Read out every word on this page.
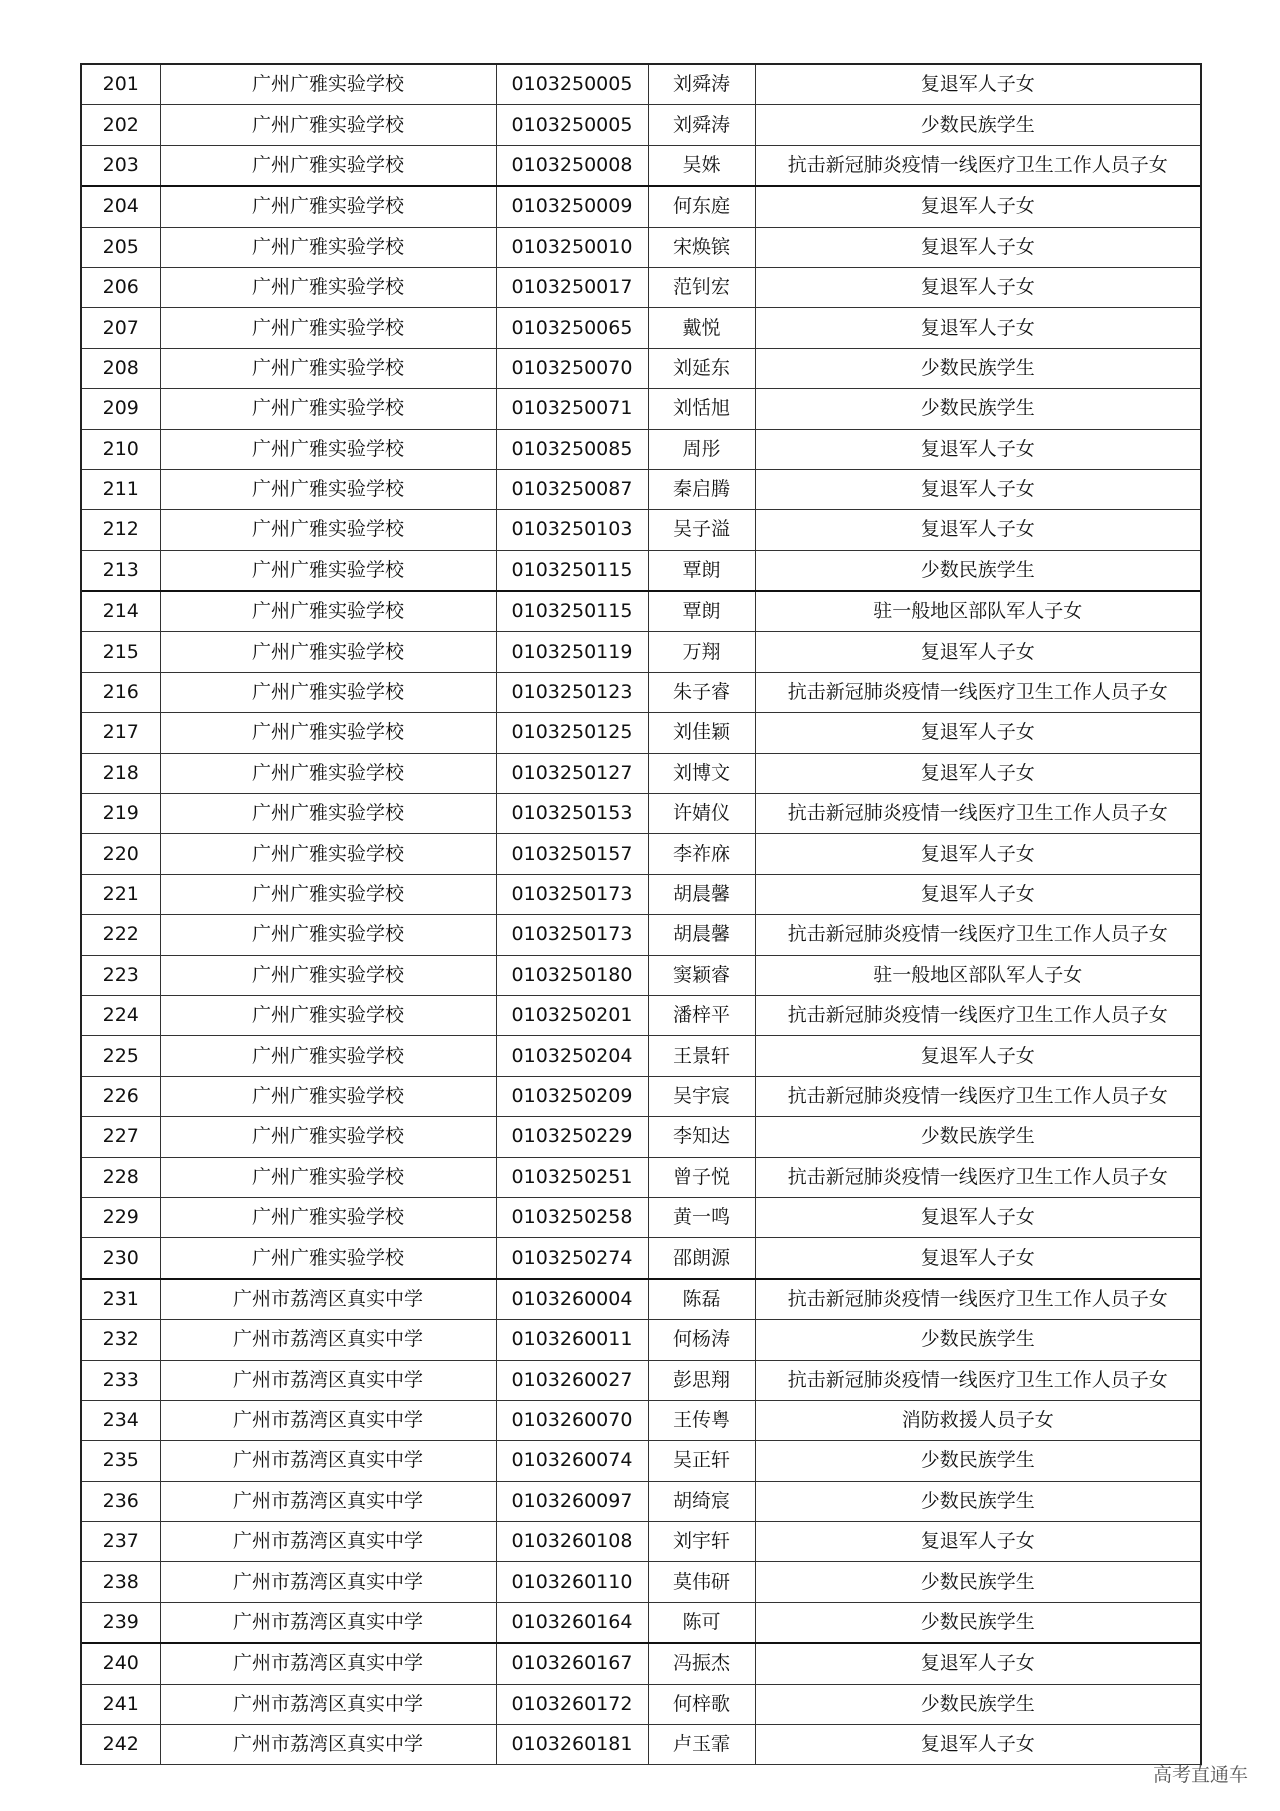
201	广州广雅实验学校	0103250005	刘舜涛	复退军人子女
202	广州广雅实验学校	0103250005	刘舜涛	少数民族学生
203	广州广雅实验学校	0103250008	吴姝	抗击新冠肺炎疫情一线医疗卫生工作人员子女
204	广州广雅实验学校	0103250009	何东庭	复退军人子女
205	广州广雅实验学校	0103250010	宋焕镔	复退军人子女
206	广州广雅实验学校	0103250017	范钊宏	复退军人子女
207	广州广雅实验学校	0103250065	戴悦	复退军人子女
208	广州广雅实验学校	0103250070	刘延东	少数民族学生
209	广州广雅实验学校	0103250071	刘恬旭	少数民族学生
210	广州广雅实验学校	0103250085	周彤	复退军人子女
211	广州广雅实验学校	0103250087	秦启腾	复退军人子女
212	广州广雅实验学校	0103250103	吴子溢	复退军人子女
213	广州广雅实验学校	0103250115	覃朗	少数民族学生
214	广州广雅实验学校	0103250115	覃朗	驻一般地区部队军人子女
215	广州广雅实验学校	0103250119	万翔	复退军人子女
216	广州广雅实验学校	0103250123	朱子睿	抗击新冠肺炎疫情一线医疗卫生工作人员子女
217	广州广雅实验学校	0103250125	刘佳颖	复退军人子女
218	广州广雅实验学校	0103250127	刘博文	复退军人子女
219	广州广雅实验学校	0103250153	许婧仪	抗击新冠肺炎疫情一线医疗卫生工作人员子女
220	广州广雅实验学校	0103250157	李祚庥	复退军人子女
221	广州广雅实验学校	0103250173	胡晨馨	复退军人子女
222	广州广雅实验学校	0103250173	胡晨馨	抗击新冠肺炎疫情一线医疗卫生工作人员子女
223	广州广雅实验学校	0103250180	窦颖睿	驻一般地区部队军人子女
224	广州广雅实验学校	0103250201	潘梓平	抗击新冠肺炎疫情一线医疗卫生工作人员子女
225	广州广雅实验学校	0103250204	王景轩	复退军人子女
226	广州广雅实验学校	0103250209	吴宇宸	抗击新冠肺炎疫情一线医疗卫生工作人员子女
227	广州广雅实验学校	0103250229	李知达	少数民族学生
228	广州广雅实验学校	0103250251	曾子悦	抗击新冠肺炎疫情一线医疗卫生工作人员子女
229	广州广雅实验学校	0103250258	黄一鸣	复退军人子女
230	广州广雅实验学校	0103250274	邵朗源	复退军人子女
231	广州市荔湾区真实中学	0103260004	陈磊	抗击新冠肺炎疫情一线医疗卫生工作人员子女
232	广州市荔湾区真实中学	0103260011	何杨涛	少数民族学生
233	广州市荔湾区真实中学	0103260027	彭思翔	抗击新冠肺炎疫情一线医疗卫生工作人员子女
234	广州市荔湾区真实中学	0103260070	王传粤	消防救援人员子女
235	广州市荔湾区真实中学	0103260074	吴正轩	少数民族学生
236	广州市荔湾区真实中学	0103260097	胡绮宸	少数民族学生
237	广州市荔湾区真实中学	0103260108	刘宇轩	复退军人子女
238	广州市荔湾区真实中学	0103260110	莫伟研	少数民族学生
239	广州市荔湾区真实中学	0103260164	陈可	少数民族学生
240	广州市荔湾区真实中学	0103260167	冯振杰	复退军人子女
241	广州市荔湾区真实中学	0103260172	何梓歌	少数民族学生
242	广州市荔湾区真实中学	0103260181	卢玉霏	复退军人子女
高考直通车
